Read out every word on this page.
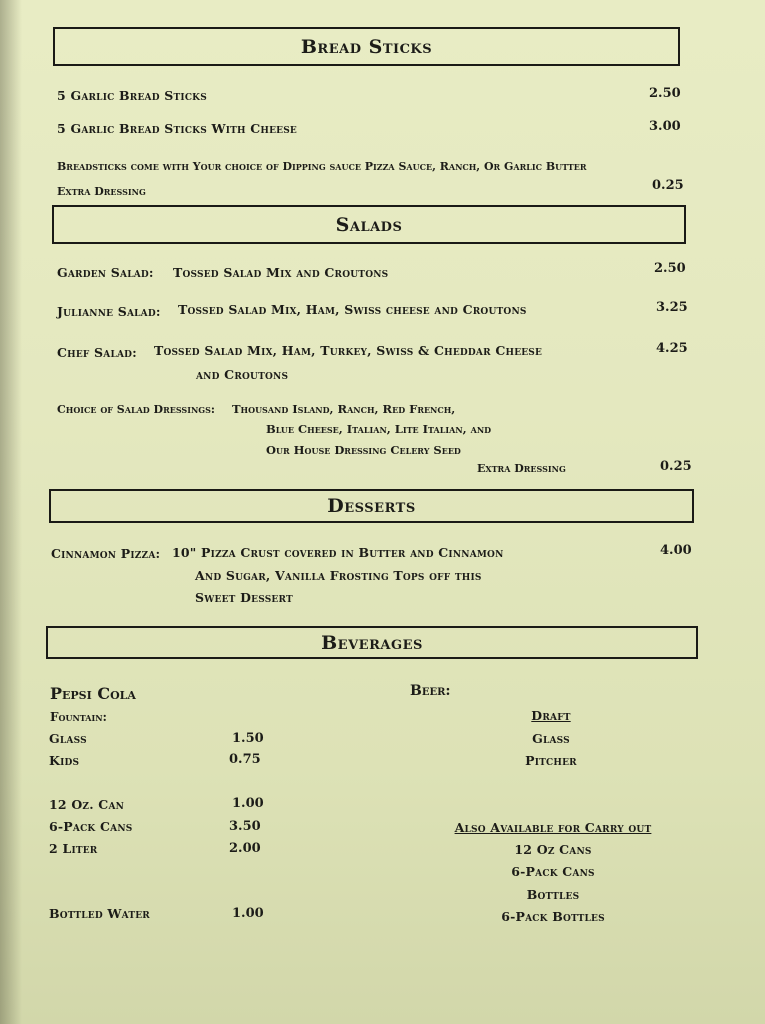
Bread Sticks
5 Garlic Bread Sticks	2.50
5 Garlic Bread Sticks With Cheese	3.00
Breadsticks come with Your choice of Dipping sauce Pizza Sauce, Ranch, Or Garlic Butter
Extra Dressing	0.25
Salads
Garden Salad: Tossed Salad Mix and Croutons	2.50
Julianne Salad: Tossed Salad Mix, Ham, Swiss cheese and Croutons	3.25
Chef Salad: Tossed Salad Mix, Ham, Turkey, Swiss & Cheddar Cheese
and Croutons
4.25
Choice of Salad Dressings: Thousand Island, Ranch, Red French,
Blue Cheese, Italian, Lite Italian, and
Our House Dressing Celery Seed
Extra Dressing	0.25
Desserts
Cinnamon Pizza: 10" Pizza Crust covered in Butter and Cinnamon
And Sugar, Vanilla Frosting Tops off this
Sweet Dessert
4.00
Beverages
Pepsi Cola
Fountain:
Glass	1.50
Kids	0.75
12 Oz. Can	1.00
6-Pack Cans	3.50
2 Liter	2.00
Bottled Water	1.00
Beer:
Draft
Glass
Pitcher
Also Available for Carry out
12 Oz Cans
6-Pack Cans
Bottles
6-Pack Bottles
